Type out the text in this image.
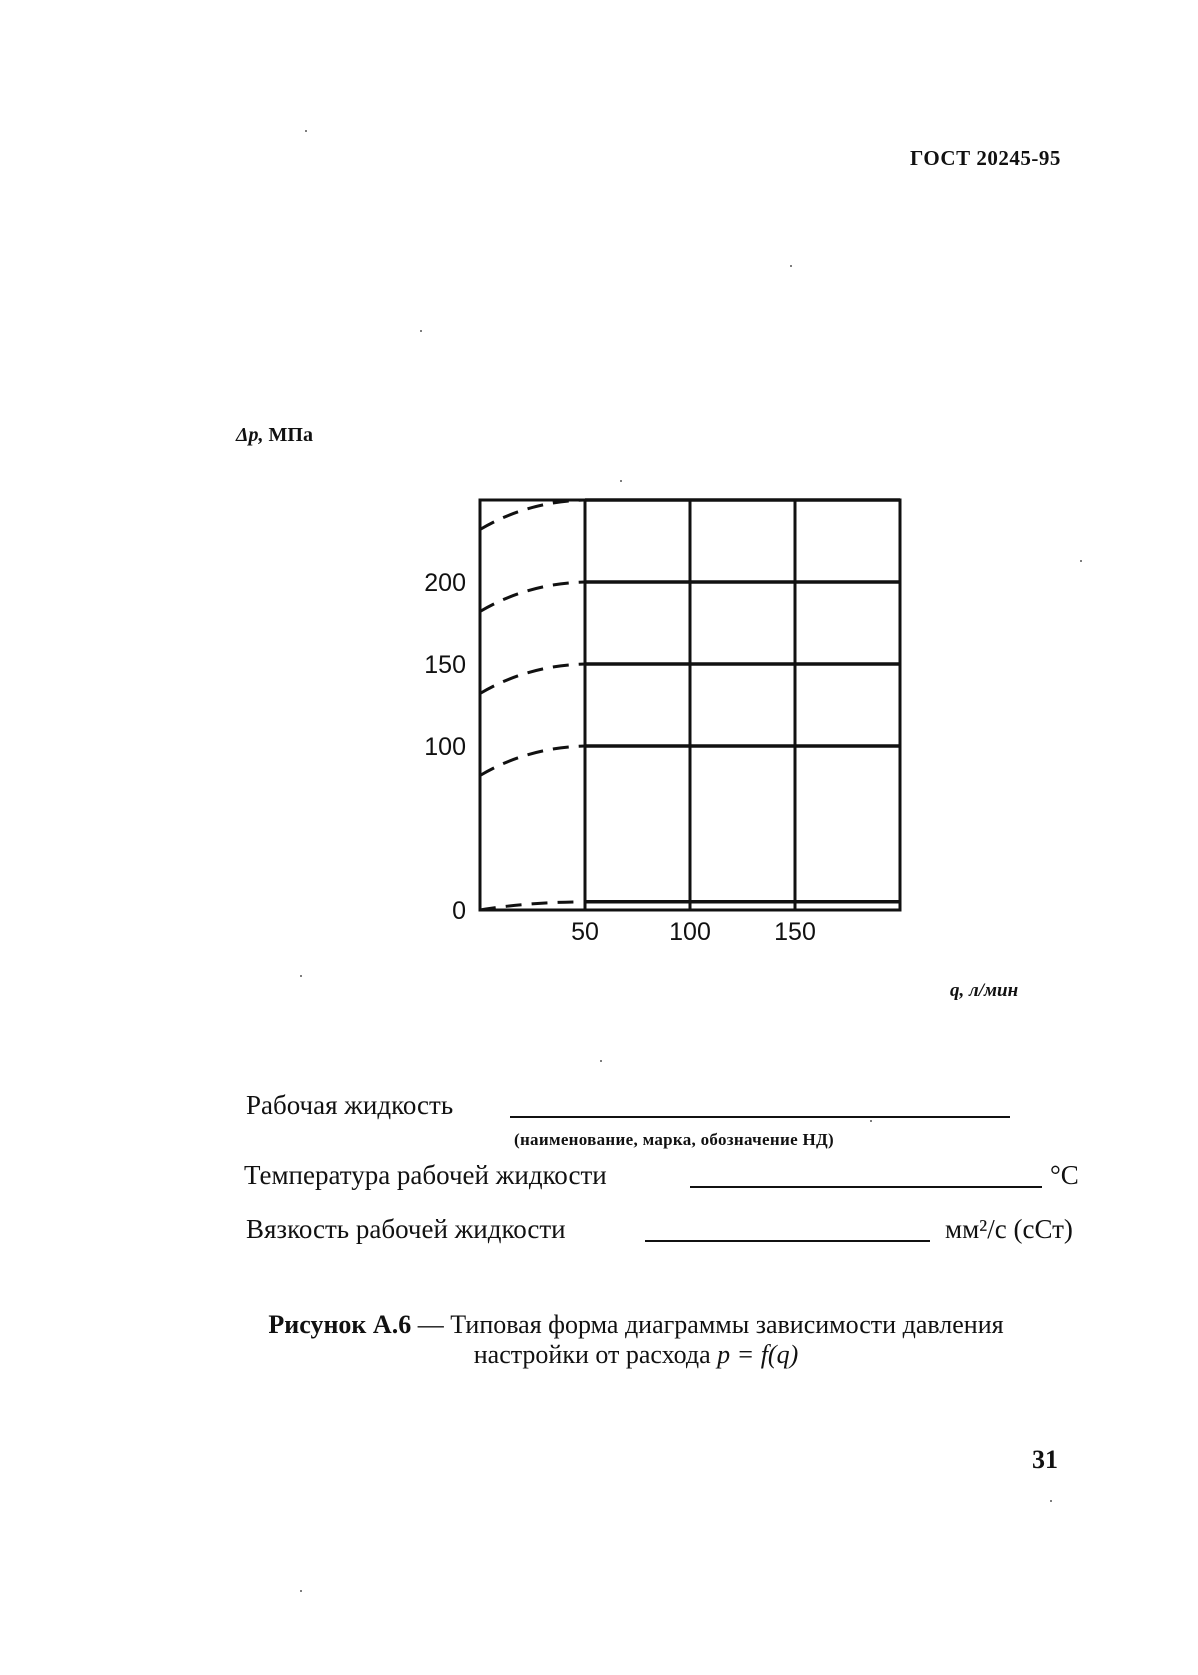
ГОСТ 20245-95
Δp, МПа
0
100
150
200
50	100	150
q, л/мин
Рабочая жидкость
(наименование, марка, обозначение НД)
Температура рабочей жидкости	°С
Вязкость рабочей жидкости	мм²/с (сСт)
Рисунок А.6 — Типовая форма диаграммы зависимости давления
настройки от расхода p = f(q)
31
